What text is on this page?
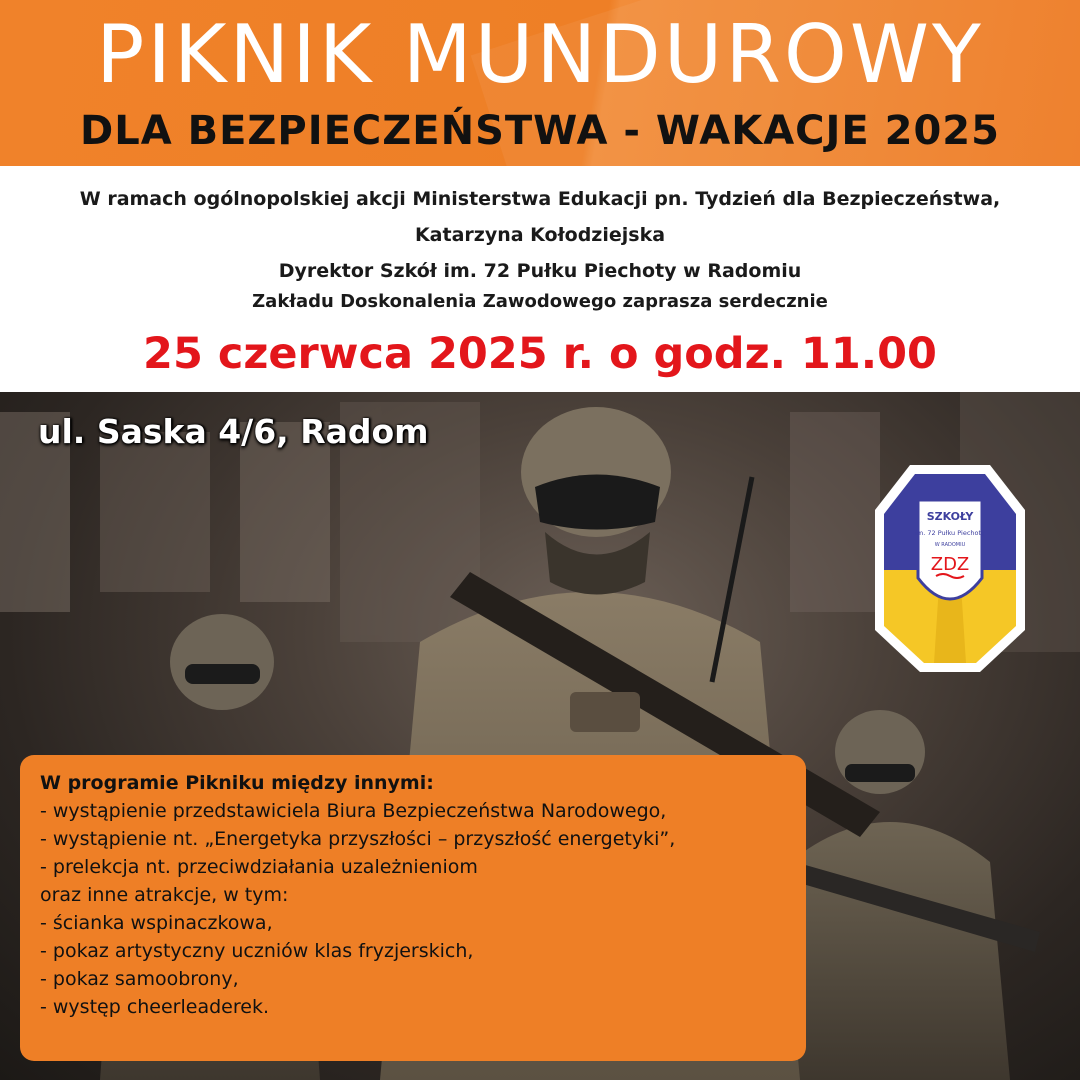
PIKNIK MUNDUROWY
DLA BEZPIECZEŃSTWA - WAKACJE 2025
W ramach ogólnopolskiej akcji Ministerstwa Edukacji pn. Tydzień dla Bezpieczeństwa,
Katarzyna Kołodziejska
Dyrektor Szkół im. 72 Pułku Piechoty w Radomiu
Zakładu Doskonalenia Zawodowego zaprasza serdecznie
25 czerwca 2025 r. o godz. 11.00
ul. Saska 4/6, Radom
SZKOŁY
im. 72 Pułku Piechoty
W RADOMIU
ZDZ
W programie Pikniku między innymi:
- wystąpienie przedstawiciela Biura Bezpieczeństwa Narodowego,
- wystąpienie nt. „Energetyka przyszłości – przyszłość energetyki”,
- prelekcja nt. przeciwdziałania uzależnieniom
oraz inne atrakcje, w tym:
- ścianka wspinaczkowa,
- pokaz artystyczny uczniów klas fryzjerskich,
- pokaz samoobrony,
- występ cheerleaderek.
